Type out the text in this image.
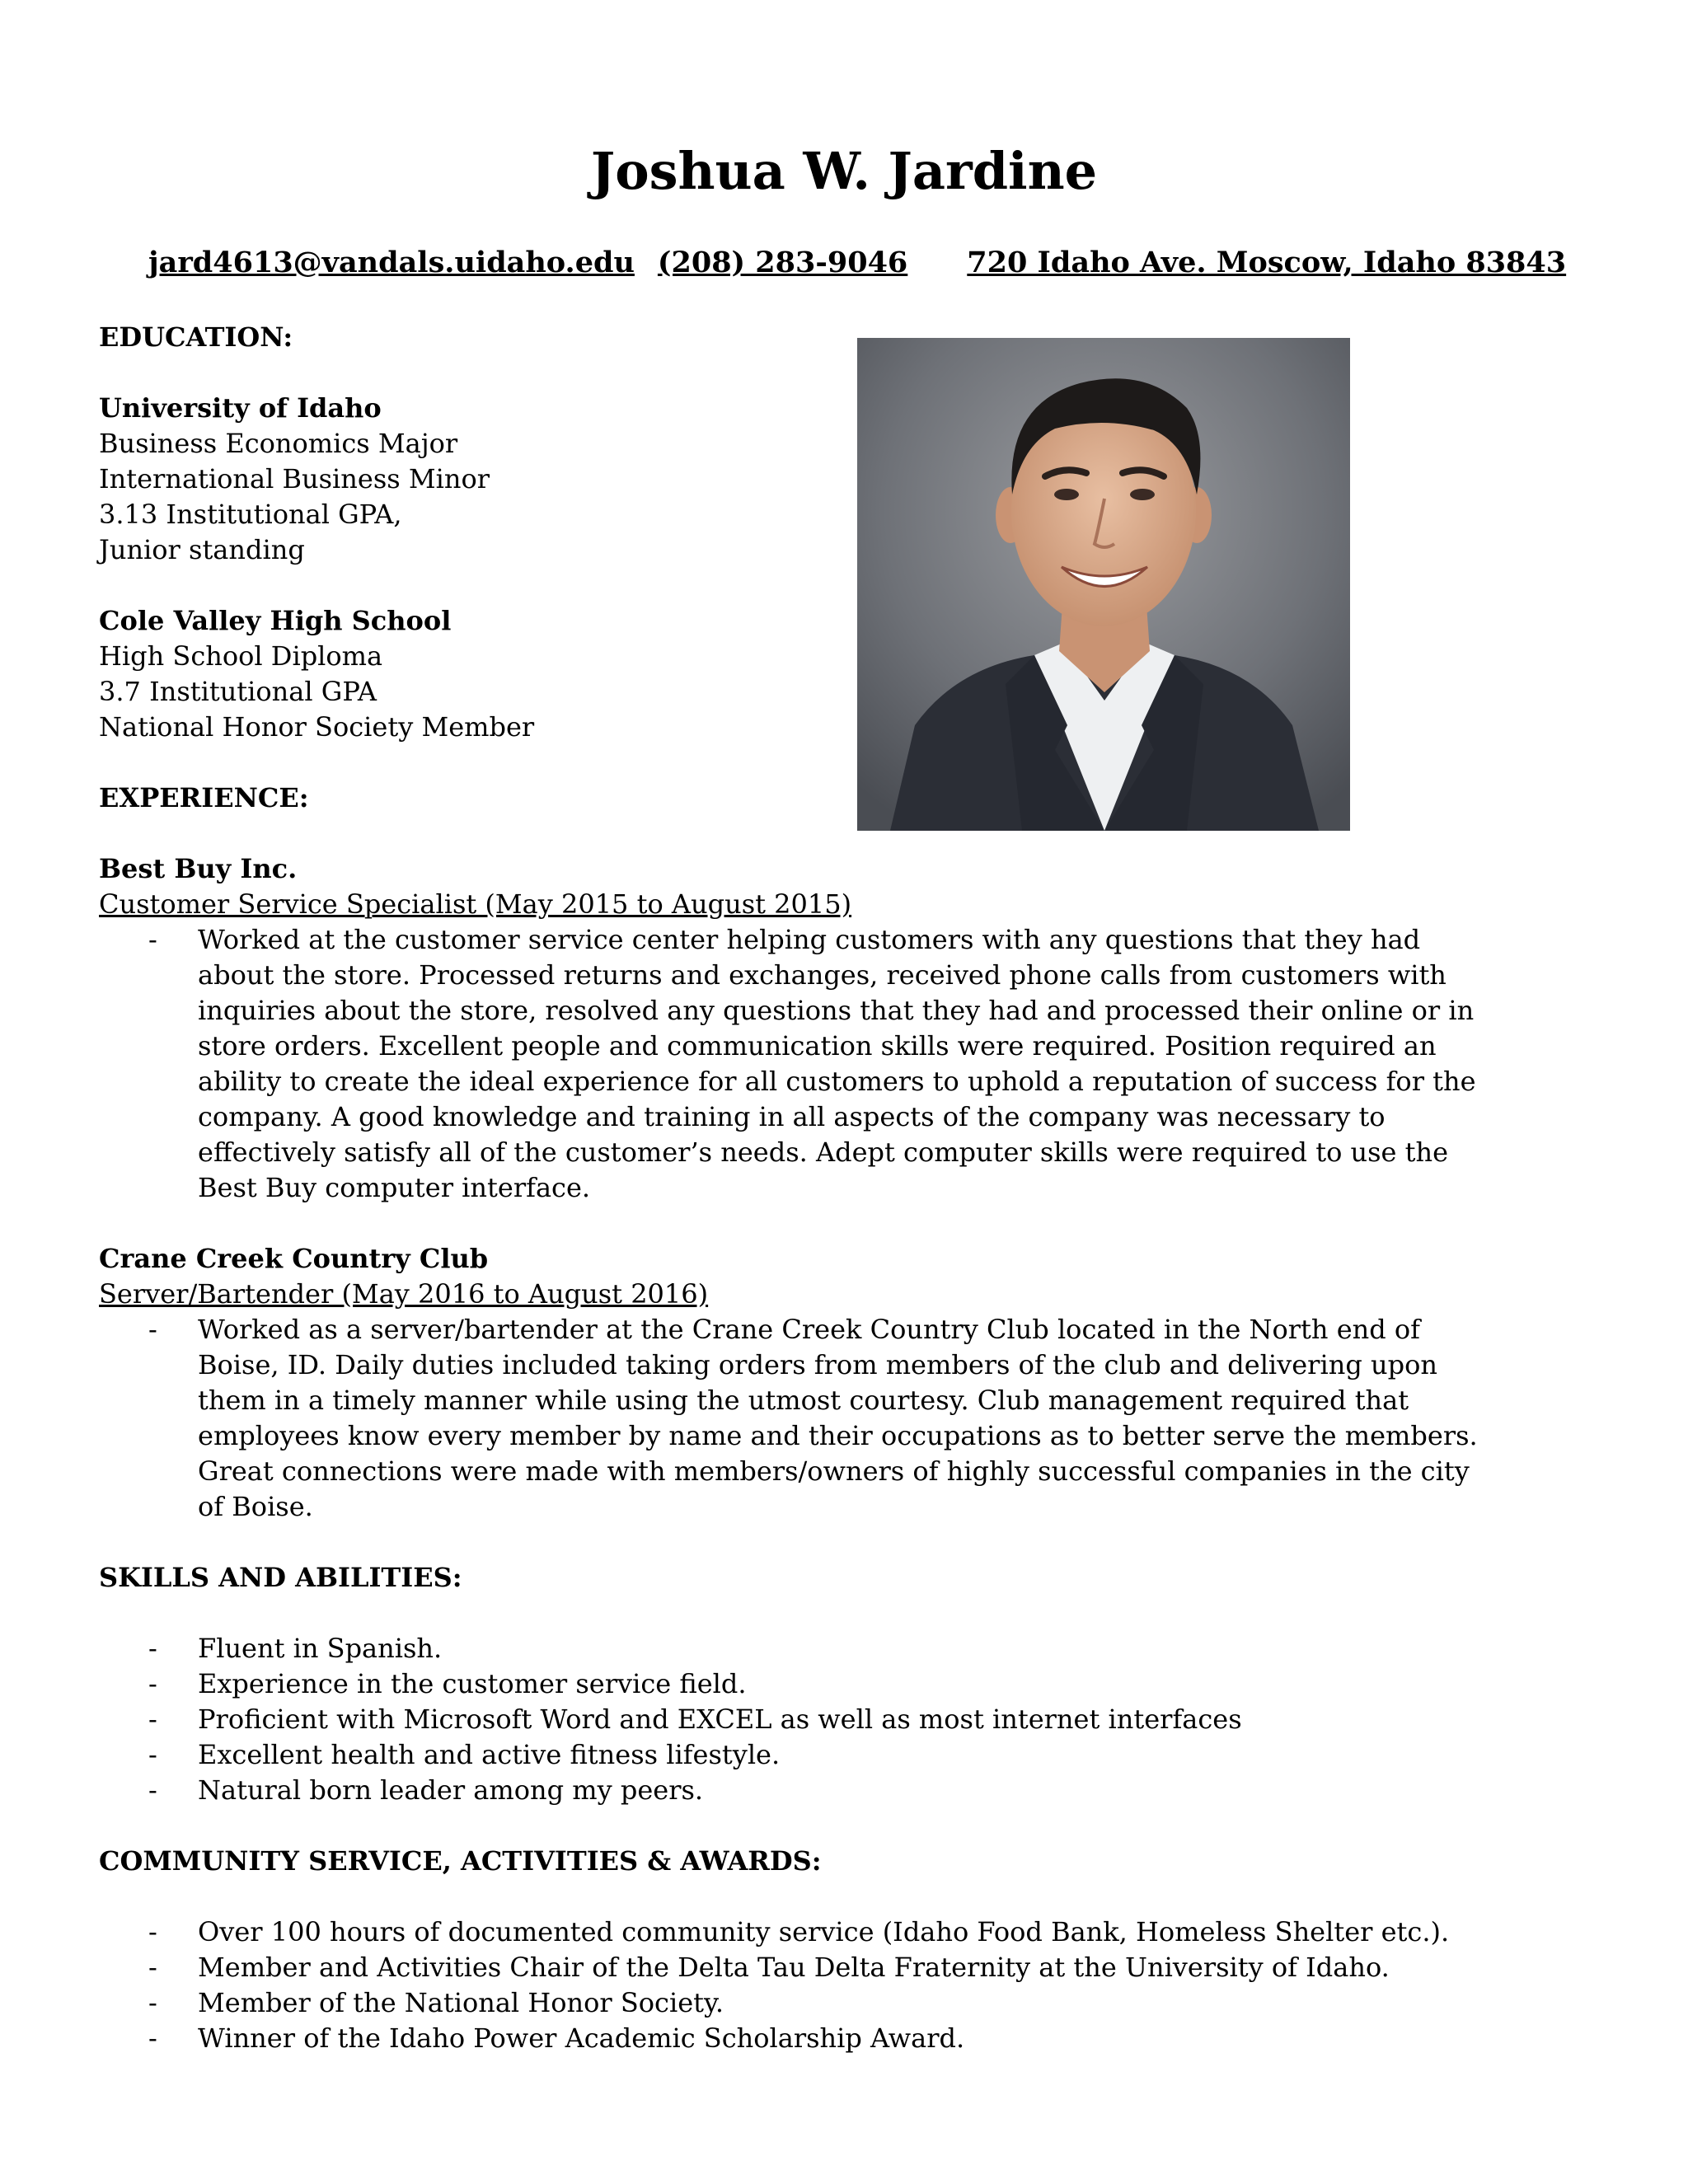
Joshua W. Jardine
jard4613@vandals.uidaho.edu (208) 283-9046 720 Idaho Ave. Moscow, Idaho 83843

EDUCATION:

University of Idaho

Business Economics Major

International Business Minor

3.13 Institutional GPA,

Junior standing

Cole Valley High School

High School Diploma

3.7 Institutional GPA

National Honor Society Member

EXPERIENCE:

Best Buy Inc.

Customer Service Specialist (May 2015 to August 2015)

- Worked at the customer service center helping customers with any questions that they had about the store. Processed returns and exchanges, received phone calls from customers with inquiries about the store, resolved any questions that they had and processed their online or in store orders. Excellent people and communication skills were required. Position required an ability to create the ideal experience for all customers to uphold a reputation of success for the company. A good knowledge and training in all aspects of the company was necessary to effectively satisfy all of the customer’s needs. Adept computer skills were required to use the Best Buy computer interface.

Crane Creek Country Club

Server/Bartender (May 2016 to August 2016)

- Worked as a server/bartender at the Crane Creek Country Club located in the North end of Boise, ID. Daily duties included taking orders from members of the club and delivering upon them in a timely manner while using the utmost courtesy. Club management required that employees know every member by name and their occupations as to better serve the members. Great connections were made with members/owners of highly successful companies in the city of Boise.

SKILLS AND ABILITIES:

- Fluent in Spanish.
- Experience in the customer service field.
- Proficient with Microsoft Word and EXCEL as well as most internet interfaces
- Excellent health and active fitness lifestyle.
- Natural born leader among my peers.

COMMUNITY SERVICE, ACTIVITIES & AWARDS:

- Over 100 hours of documented community service (Idaho Food Bank, Homeless Shelter etc.).
- Member and Activities Chair of the Delta Tau Delta Fraternity at the University of Idaho.
- Member of the National Honor Society.
- Winner of the Idaho Power Academic Scholarship Award.
